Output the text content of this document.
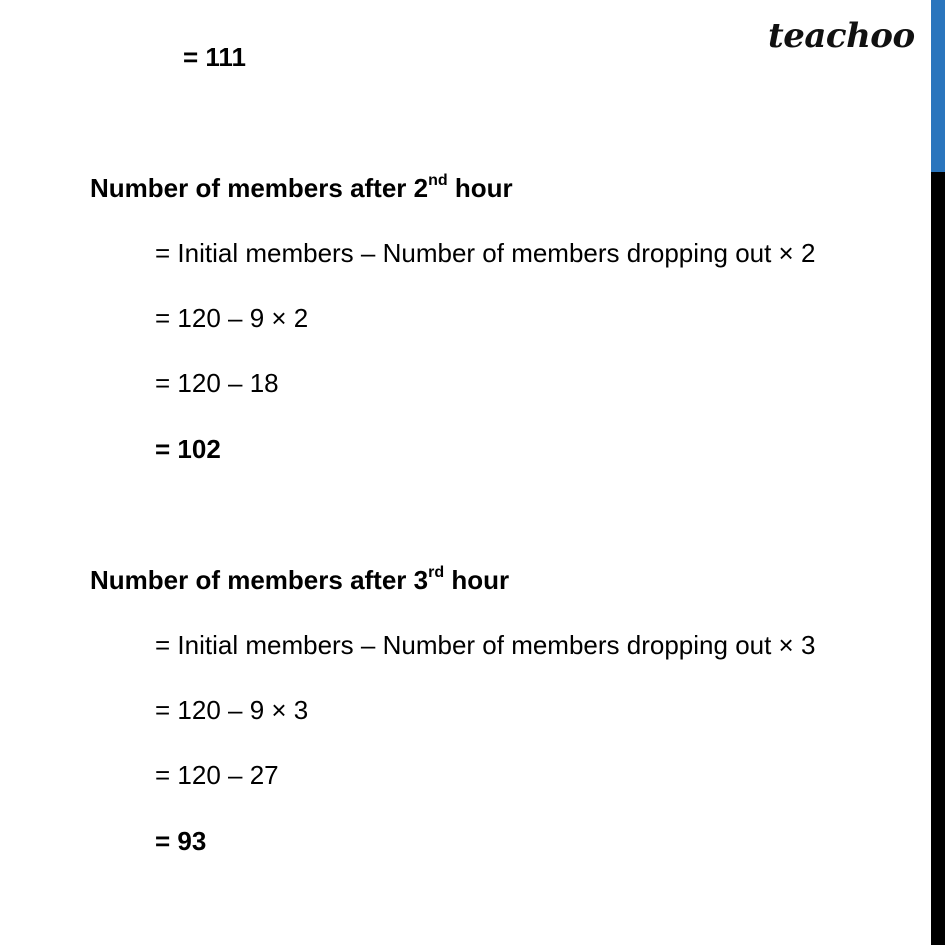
teachoo
= 111
Number of members after 2nd hour
= Initial members – Number of members dropping out × 2
= 120 – 9 × 2
= 120 – 18
= 102
Number of members after 3rd hour
= Initial members – Number of members dropping out × 3
= 120 – 9 × 3
= 120 – 27
= 93
